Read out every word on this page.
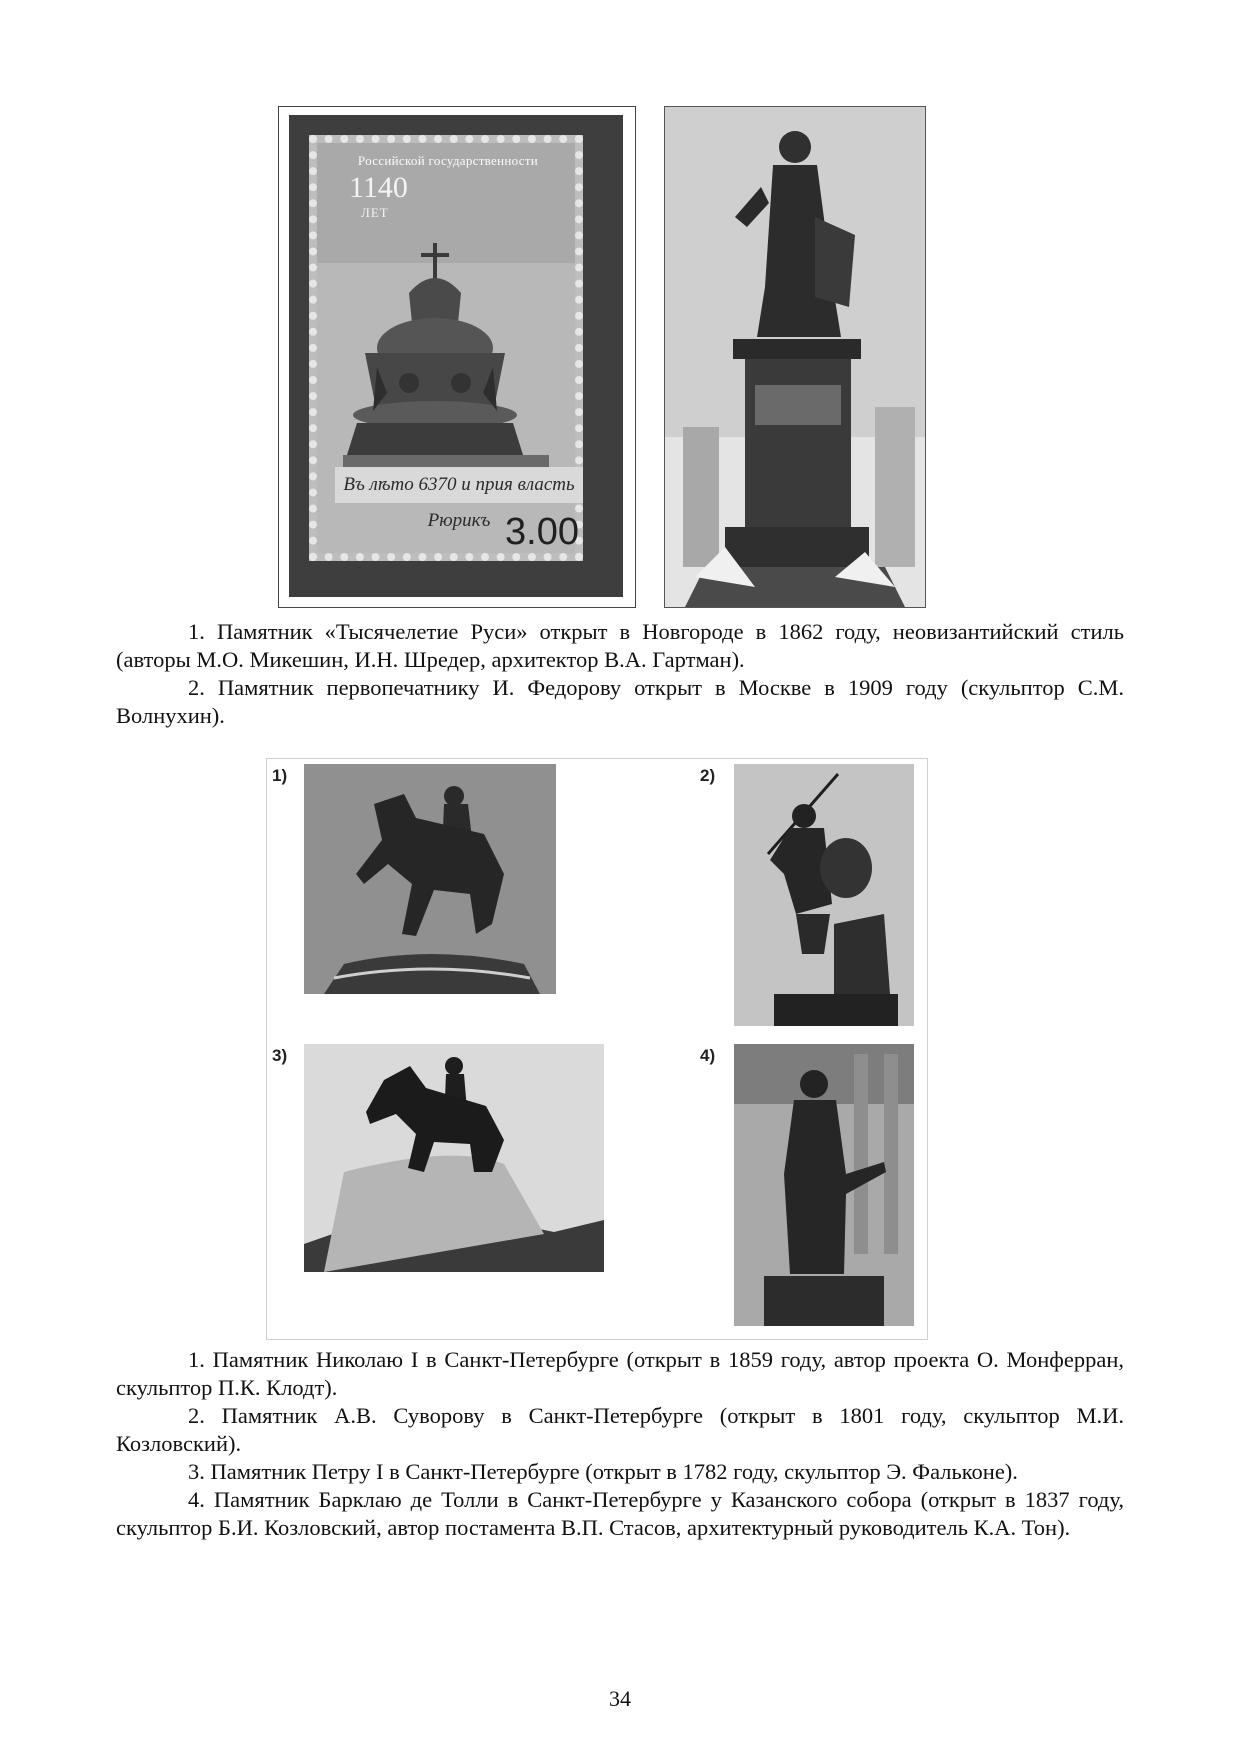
Российской государственности
1140
ЛЕТ
Въ лѣто 6370 и прия власть Рюрикъ 3.00

1. Памятник «Тысячелетие Руси» открыт в Новгороде в 1862 году, неовизантийский стиль (авторы М.О. Микешин, И.Н. Шредер, архитектор В.А. Гартман).

2. Памятник первопечатнику И. Федорову открыт в Москве в 1909 году (скульптор С.М. Волнухин).

1)	2)
3)	4)

1. Памятник Николаю I в Санкт-Петербурге (открыт в 1859 году, автор проекта О. Монферран, скульптор П.К. Клодт).

2. Памятник А.В. Суворову в Санкт-Петербурге (открыт в 1801 году, скульптор М.И. Козловский).

3. Памятник Петру I в Санкт-Петербурге (открыт в 1782 году, скульптор Э. Фальконе).

4. Памятник Барклаю де Толли в Санкт-Петербурге у Казанского собора (открыт в 1837 году, скульптор Б.И. Козловский, автор постамента В.П. Стасов, архитектурный руководитель К.А. Тон).

34
